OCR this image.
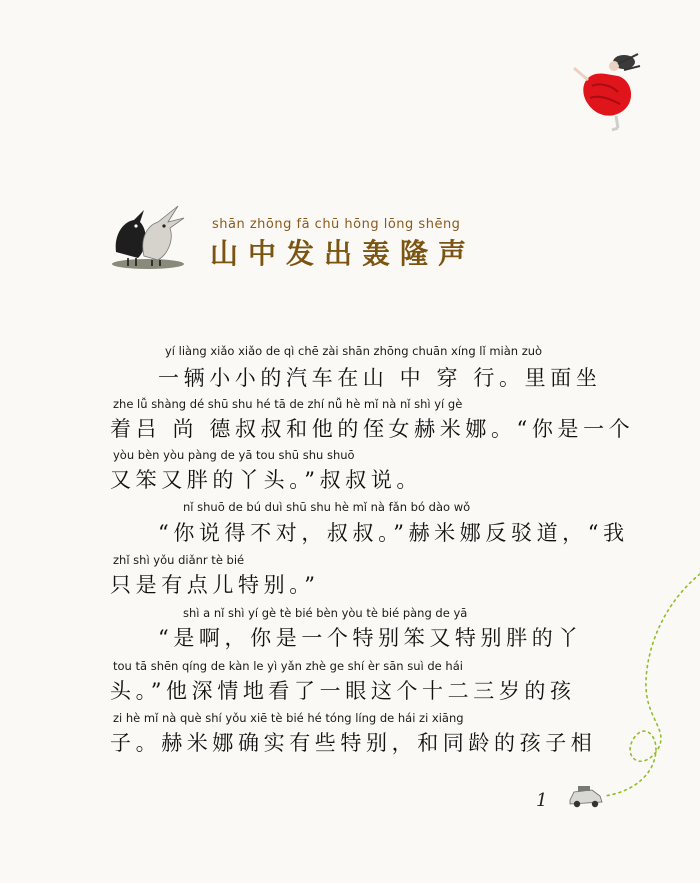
shān zhōng fā chū hōng lōng shēng
山中发出轰隆声
yí liàng xiǎo xiǎo de qì chē zài shān zhōng chuān xíng lǐ miàn zuò
一辆小小的汽车在山 中 穿 行。里面坐
zhe lǚ shàng dé shū shu hé tā de zhí nǚ hè mǐ nà nǐ shì yí gè
着吕 尚 德叔叔和他的侄女赫米娜。“你是一个
yòu bèn yòu pàng de yā tou shū shu shuō
又笨又胖的丫头。”叔叔说。
nǐ shuō de bú duì shū shu hè mǐ nà fǎn bó dào wǒ
“你说得不对，叔叔。”赫米娜反驳道，“我
zhǐ shì yǒu diǎnr tè bié
只是有点儿特别。”
shì a nǐ shì yí gè tè bié bèn yòu tè bié pàng de yā
“是啊，你是一个特别笨又特别胖的丫
tou tā shēn qíng de kàn le yì yǎn zhè ge shí èr sān suì de hái
头。”他深情地看了一眼这个十二三岁的孩
zi hè mǐ nà què shí yǒu xiē tè bié hé tóng líng de hái zi xiāng
子。赫米娜确实有些特别，和同龄的孩子相
1
